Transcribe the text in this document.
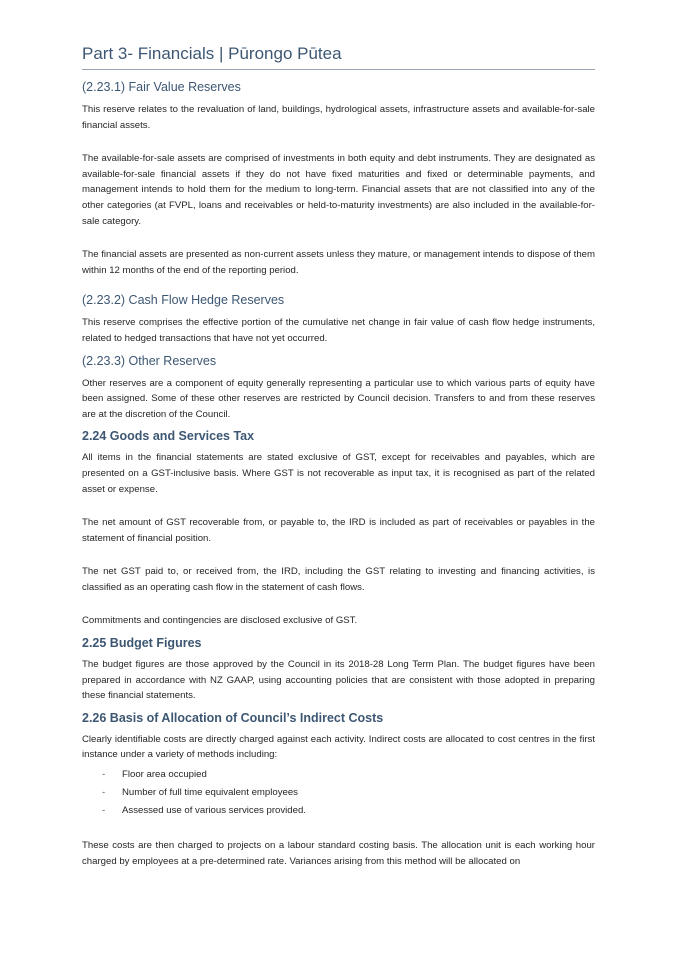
Part 3- Financials | Pūrongo Pūtea
(2.23.1) Fair Value Reserves

This reserve relates to the revaluation of land, buildings, hydrological assets, infrastructure assets and available-for-sale financial assets.

The available-for-sale assets are comprised of investments in both equity and debt instruments. They are designated as available-for-sale financial assets if they do not have fixed maturities and fixed or determinable payments, and management intends to hold them for the medium to long-term. Financial assets that are not classified into any of the other categories (at FVPL, loans and receivables or held-to-maturity investments) are also included in the available-for-sale category.

The financial assets are presented as non-current assets unless they mature, or management intends to dispose of them within 12 months of the end of the reporting period.

(2.23.2) Cash Flow Hedge Reserves

This reserve comprises the effective portion of the cumulative net change in fair value of cash flow hedge instruments, related to hedged transactions that have not yet occurred.

(2.23.3) Other Reserves

Other reserves are a component of equity generally representing a particular use to which various parts of equity have been assigned. Some of these other reserves are restricted by Council decision. Transfers to and from these reserves are at the discretion of the Council.

2.24 Goods and Services Tax

All items in the financial statements are stated exclusive of GST, except for receivables and payables, which are presented on a GST-inclusive basis. Where GST is not recoverable as input tax, it is recognised as part of the related asset or expense.

The net amount of GST recoverable from, or payable to, the IRD is included as part of receivables or payables in the statement of financial position.

The net GST paid to, or received from, the IRD, including the GST relating to investing and financing activities, is classified as an operating cash flow in the statement of cash flows.

Commitments and contingencies are disclosed exclusive of GST.

2.25 Budget Figures

The budget figures are those approved by the Council in its 2018-28 Long Term Plan. The budget figures have been prepared in accordance with NZ GAAP, using accounting policies that are consistent with those adopted in preparing these financial statements.

2.26 Basis of Allocation of Council’s Indirect Costs

Clearly identifiable costs are directly charged against each activity. Indirect costs are allocated to cost centres in the first instance under a variety of methods including:

- Floor area occupied
- Number of full time equivalent employees
- Assessed use of various services provided.

These costs are then charged to projects on a labour standard costing basis. The allocation unit is each working hour charged by employees at a pre-determined rate. Variances arising from this method will be allocated on
